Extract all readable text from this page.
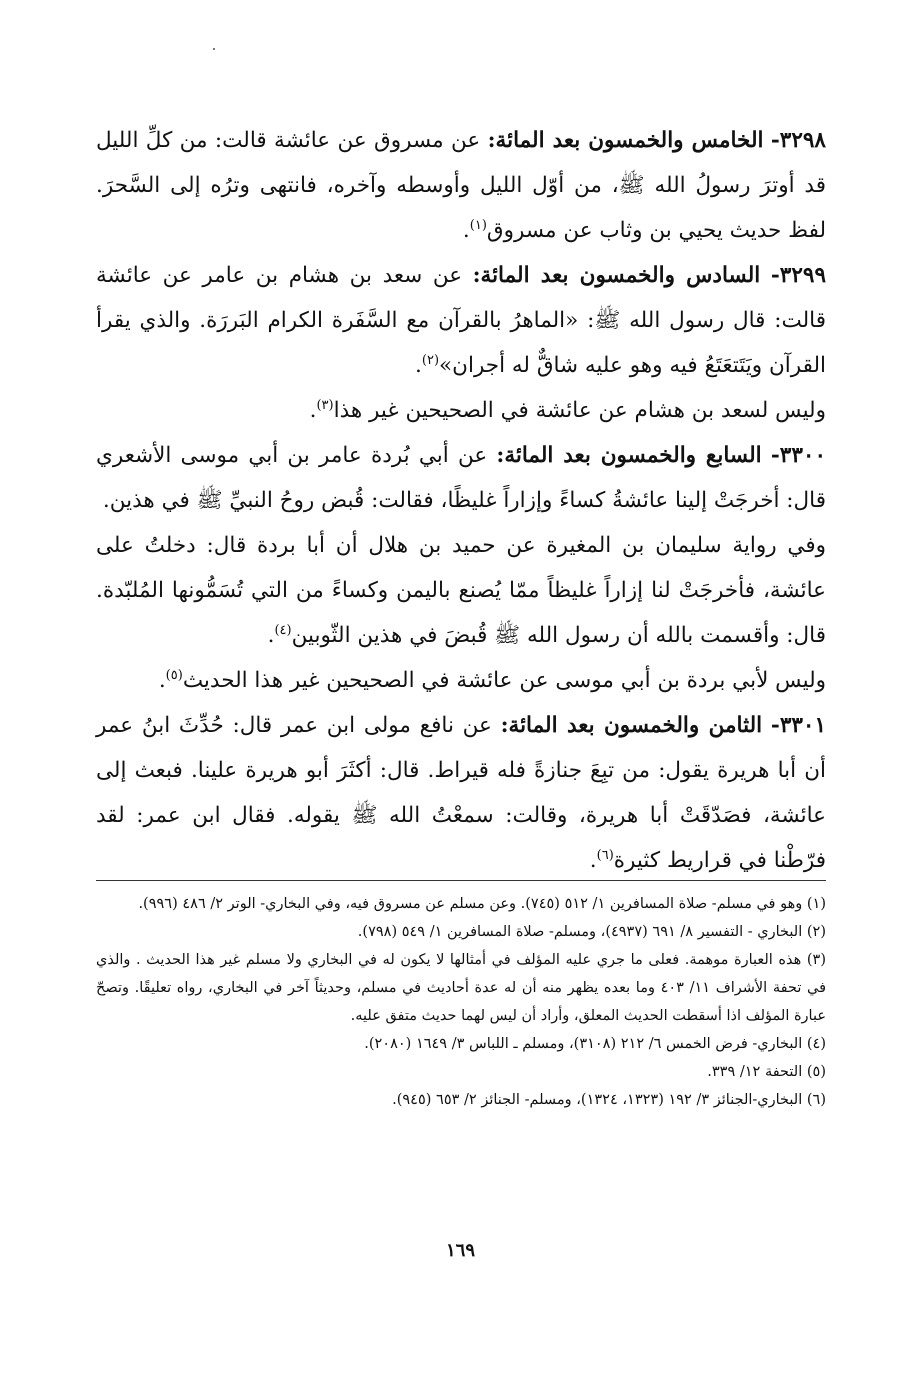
٣٢٩٨- الخامس والخمسون بعد المائة: عن مسروق عن عائشة قالت: من كلِّ الليل قد أوترَ رسولُ الله ﷺ، من أوّل الليل وأوسطه وآخره، فانتهى وترُه إلى السَّحرَ. لفظ حديث يحيي بن وثاب عن مسروق$^{(١)}$.

٣٢٩٩- السادس والخمسون بعد المائة: عن سعد بن هشام بن عامر عن عائشة قالت: قال رسول الله ﷺ: «الماهرُ بالقرآن مع السَّفَرة الكرام البَررَة. والذي يقرأ القرآن ويَتَتعَتَعُ فيه وهو عليه شاقٌّ له أجران»$^{(٢)}$.

وليس لسعد بن هشام عن عائشة في الصحيحين غير هذا$^{(٣)}$.

٣٣٠٠- السابع والخمسون بعد المائة: عن أبي بُردة عامر بن أبي موسى الأشعري قال: أخرجَتْ إلينا عائشةُ كساءً وإزاراً غليظًا، فقالت: قُبض روحُ النبيِّ ﷺ في هذين.

وفي رواية سليمان بن المغيرة عن حميد بن هلال أن أبا بردة قال: دخلتُ على عائشة، فأخرجَتْ لنا إزاراً غليظاً ممّا يُصنع باليمن وكساءً من التي تُسَمُّونها المُلبّدة. قال: وأقسمت بالله أن رسول الله ﷺ قُبضَ في هذين الثّوبين$^{(٤)}$.

وليس لأبي بردة بن أبي موسى عن عائشة في الصحيحين غير هذا الحديث$^{(٥)}$.

٣٣٠١- الثامن والخمسون بعد المائة: عن نافع مولى ابن عمر قال: حُدِّثَ ابنُ عمر أن أبا هريرة يقول: من تبِعَ جنازةً فله قيراط. قال: أكثَرَ أبو هريرة علينا. فبعث إلى عائشة، فصَدّقَتْ أبا هريرة، وقالت: سمعْتُ الله ﷺ يقوله. فقال ابن عمر: لقد فرّطْنا في قراريط كثيرة$^{(٦)}$.

(١) وهو في مسلم- صلاة المسافرين ١/ ٥١٢ (٧٤٥). وعن مسلم عن مسروق فيه، وفي البخاري- الوتر ٢/ ٤٨٦ (٩٩٦).

(٢) البخاري - التفسير ٨/ ٦٩١ (٤٩٣٧)، ومسلم- صلاة المسافرين ١/ ٥٤٩ (٧٩٨).

(٣) هذه العبارة موهمة. فعلى ما جري عليه المؤلف في أمثالها لا يكون له في البخاري ولا مسلم غير هذا الحديث . والذي في تحفة الأشراف ١١/ ٤٠٣ وما بعده يظهر منه أن له عدة أحاديث في مسلم، وحديثاً آخر في البخاري، رواه تعليقًا. وتصحّ عبارة المؤلف اذا أسقطت الحديث المعلق، وأراد أن ليس لهما حديث متفق عليه.

(٤) البخاري- فرض الخمس ٦/ ٢١٢ (٣١٠٨)، ومسلم ـ اللباس ٣/ ١٦٤٩ (٢٠٨٠).

(٥) التحفة ١٢/ ٣٣٩.

(٦) البخاري-الجنائز ٣/ ١٩٢ (١٣٢٣، ١٣٢٤)، ومسلم- الجنائز ٢/ ٦٥٣ (٩٤٥).

١٦٩
